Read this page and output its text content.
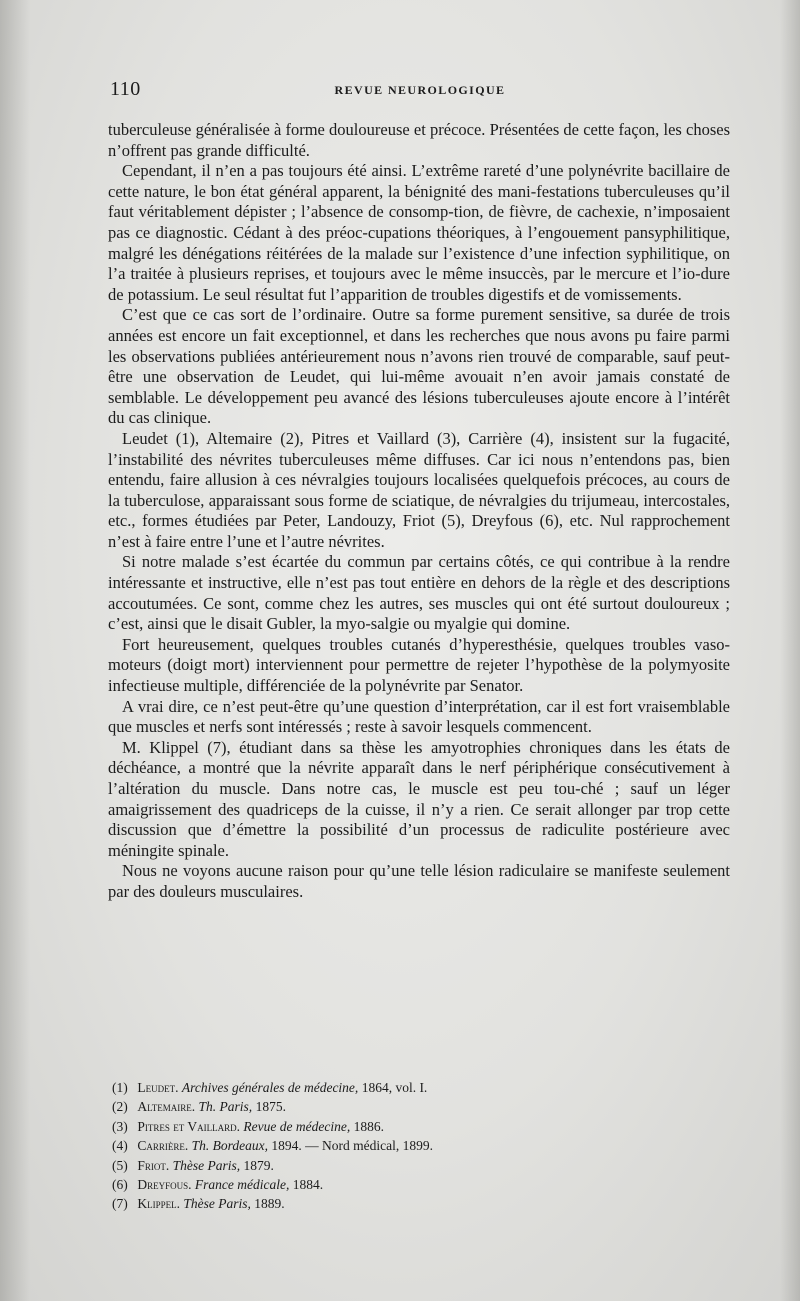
110	REVUE NEUROLOGIQUE

tuberculeuse généralisée à forme douloureuse et précoce. Présentées de cette façon, les choses n’offrent pas grande difficulté.

Cependant, il n’en a pas toujours été ainsi. L’extrême rareté d’une polynévrite bacillaire de cette nature, le bon état général apparent, la bénignité des mani-festations tuberculeuses qu’il faut véritablement dépister ; l’absence de consomp-tion, de fièvre, de cachexie, n’imposaient pas ce diagnostic. Cédant à des préoc-cupations théoriques, à l’engouement pansyphilitique, malgré les dénégations réitérées de la malade sur l’existence d’une infection syphilitique, on l’a traitée à plusieurs reprises, et toujours avec le même insuccès, par le mercure et l’io-dure de potassium. Le seul résultat fut l’apparition de troubles digestifs et de vomissements.

C’est que ce cas sort de l’ordinaire. Outre sa forme purement sensitive, sa durée de trois années est encore un fait exceptionnel, et dans les recherches que nous avons pu faire parmi les observations publiées antérieurement nous n’avons rien trouvé de comparable, sauf peut-être une observation de Leudet, qui lui-même avouait n’en avoir jamais constaté de semblable. Le développement peu avancé des lésions tuberculeuses ajoute encore à l’intérêt du cas clinique.

Leudet (1), Altemaire (2), Pitres et Vaillard (3), Carrière (4), insistent sur la fugacité, l’instabilité des névrites tuberculeuses même diffuses. Car ici nous n’entendons pas, bien entendu, faire allusion à ces névralgies toujours localisées quelquefois précoces, au cours de la tuberculose, apparaissant sous forme de sciatique, de névralgies du trijumeau, intercostales, etc., formes étudiées par Peter, Landouzy, Friot (5), Dreyfous (6), etc. Nul rapprochement n’est à faire entre l’une et l’autre névrites.

Si notre malade s’est écartée du commun par certains côtés, ce qui contribue à la rendre intéressante et instructive, elle n’est pas tout entière en dehors de la règle et des descriptions accoutumées. Ce sont, comme chez les autres, ses muscles qui ont été surtout douloureux ; c’est, ainsi que le disait Gubler, la myo-salgie ou myalgie qui domine.

Fort heureusement, quelques troubles cutanés d’hyperesthésie, quelques troubles vaso-moteurs (doigt mort) interviennent pour permettre de rejeter l’hypothèse de la polymyosite infectieuse multiple, différenciée de la polynévrite par Senator.

A vrai dire, ce n’est peut-être qu’une question d’interprétation, car il est fort vraisemblable que muscles et nerfs sont intéressés ; reste à savoir lesquels commencent.

M. Klippel (7), étudiant dans sa thèse les amyotrophies chroniques dans les états de déchéance, a montré que la névrite apparaît dans le nerf périphérique consécutivement à l’altération du muscle. Dans notre cas, le muscle est peu tou-ché ; sauf un léger amaigrissement des quadriceps de la cuisse, il n’y a rien. Ce serait allonger par trop cette discussion que d’émettre la possibilité d’un processus de radiculite postérieure avec méningite spinale.

Nous ne voyons aucune raison pour qu’une telle lésion radiculaire se manifeste seulement par des douleurs musculaires.

(1) Leudet. Archives générales de médecine, 1864, vol. I.
(2) Altemaire. Th. Paris, 1875.
(3) Pitres et Vaillard. Revue de médecine, 1886.
(4) Carrière. Th. Bordeaux, 1894. — Nord médical, 1899.
(5) Friot. Thèse Paris, 1879.
(6) Dreyfous. France médicale, 1884.
(7) Klippel. Thèse Paris, 1889.
